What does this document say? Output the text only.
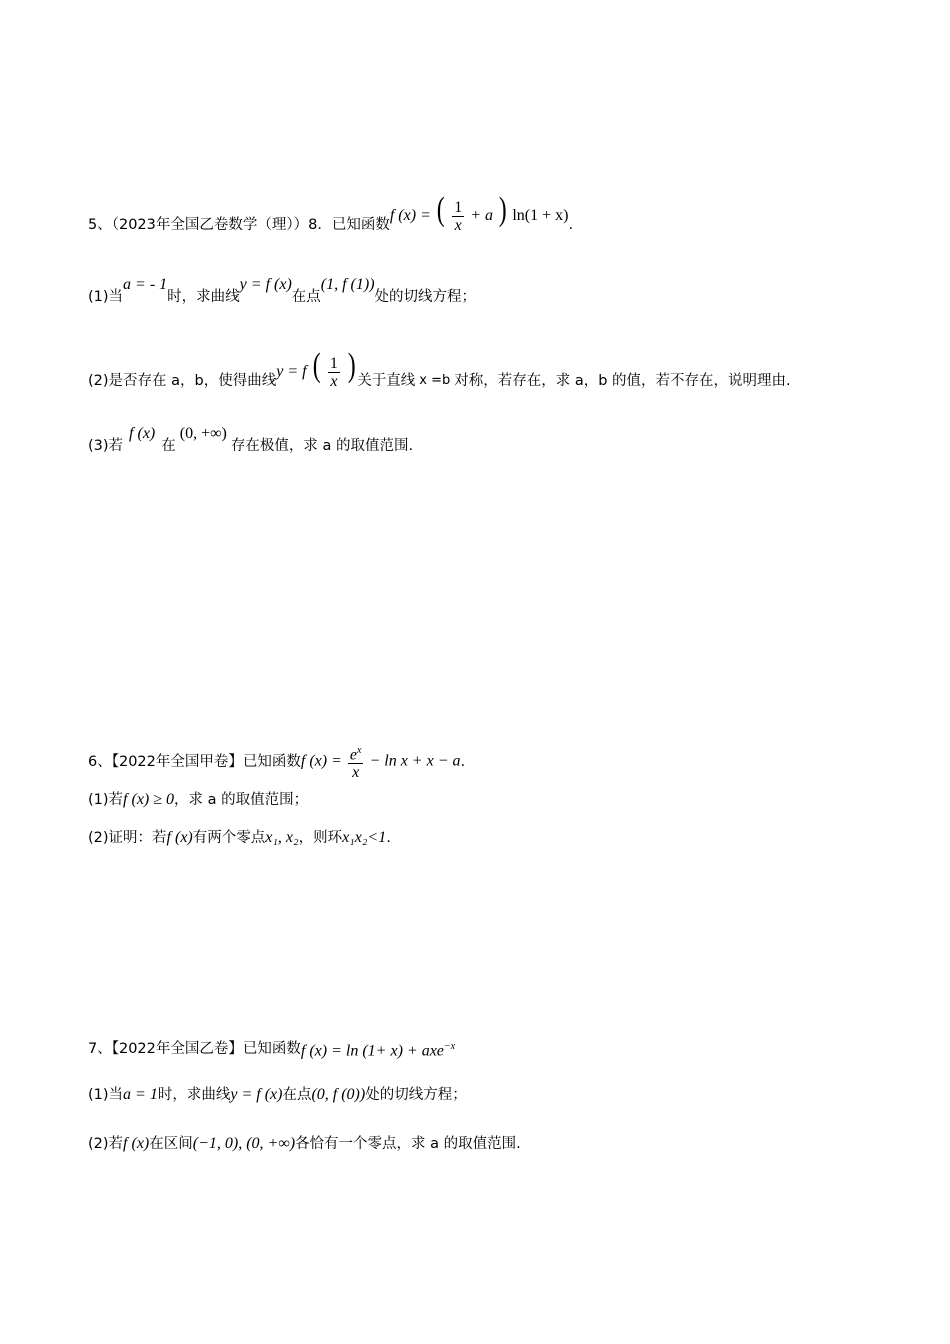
5、（2023年全国乙卷数学（理））8．已知函数
f (x) = ( $\frac{1}{x} + a$ ) ln(1 + x)
.
(1)当
a = - 1
时，求曲线
y = f (x)
在点
(1, f (1))
处的切线方程；
(2)是否存在 a，b，使得曲线
y = f ( $\frac{1}{x}$ ) 关于直线 x =b 对称，若存在，求 a，b 的值，若不存在，说明理由.
(3)若
f (x)
在
(0, +∞)
存在极值，求 a 的取值范围.
6、【2022年全国甲卷】已知函数 f $(x) = \frac{e^x}{x} - \ln x + x - a$ .
(1)若 f (x) ≥ 0 ，求 a 的取值范围；
(2)证明：若 f (x) 有两个零点 x₁, x₂ ，则环 x₁x₂<1 .
7、【2022年全国乙卷】已知函数 f (x) = ln (1+ x) + axe$^{-x}$
(1)当 a = 1 时，求曲线 y = f (x) 在点 (0, f (0)) 处的切线方程；
(2)若 f (x) 在区间 (−1, 0), (0, +∞) 各恰有一个零点，求 a 的取值范围.
